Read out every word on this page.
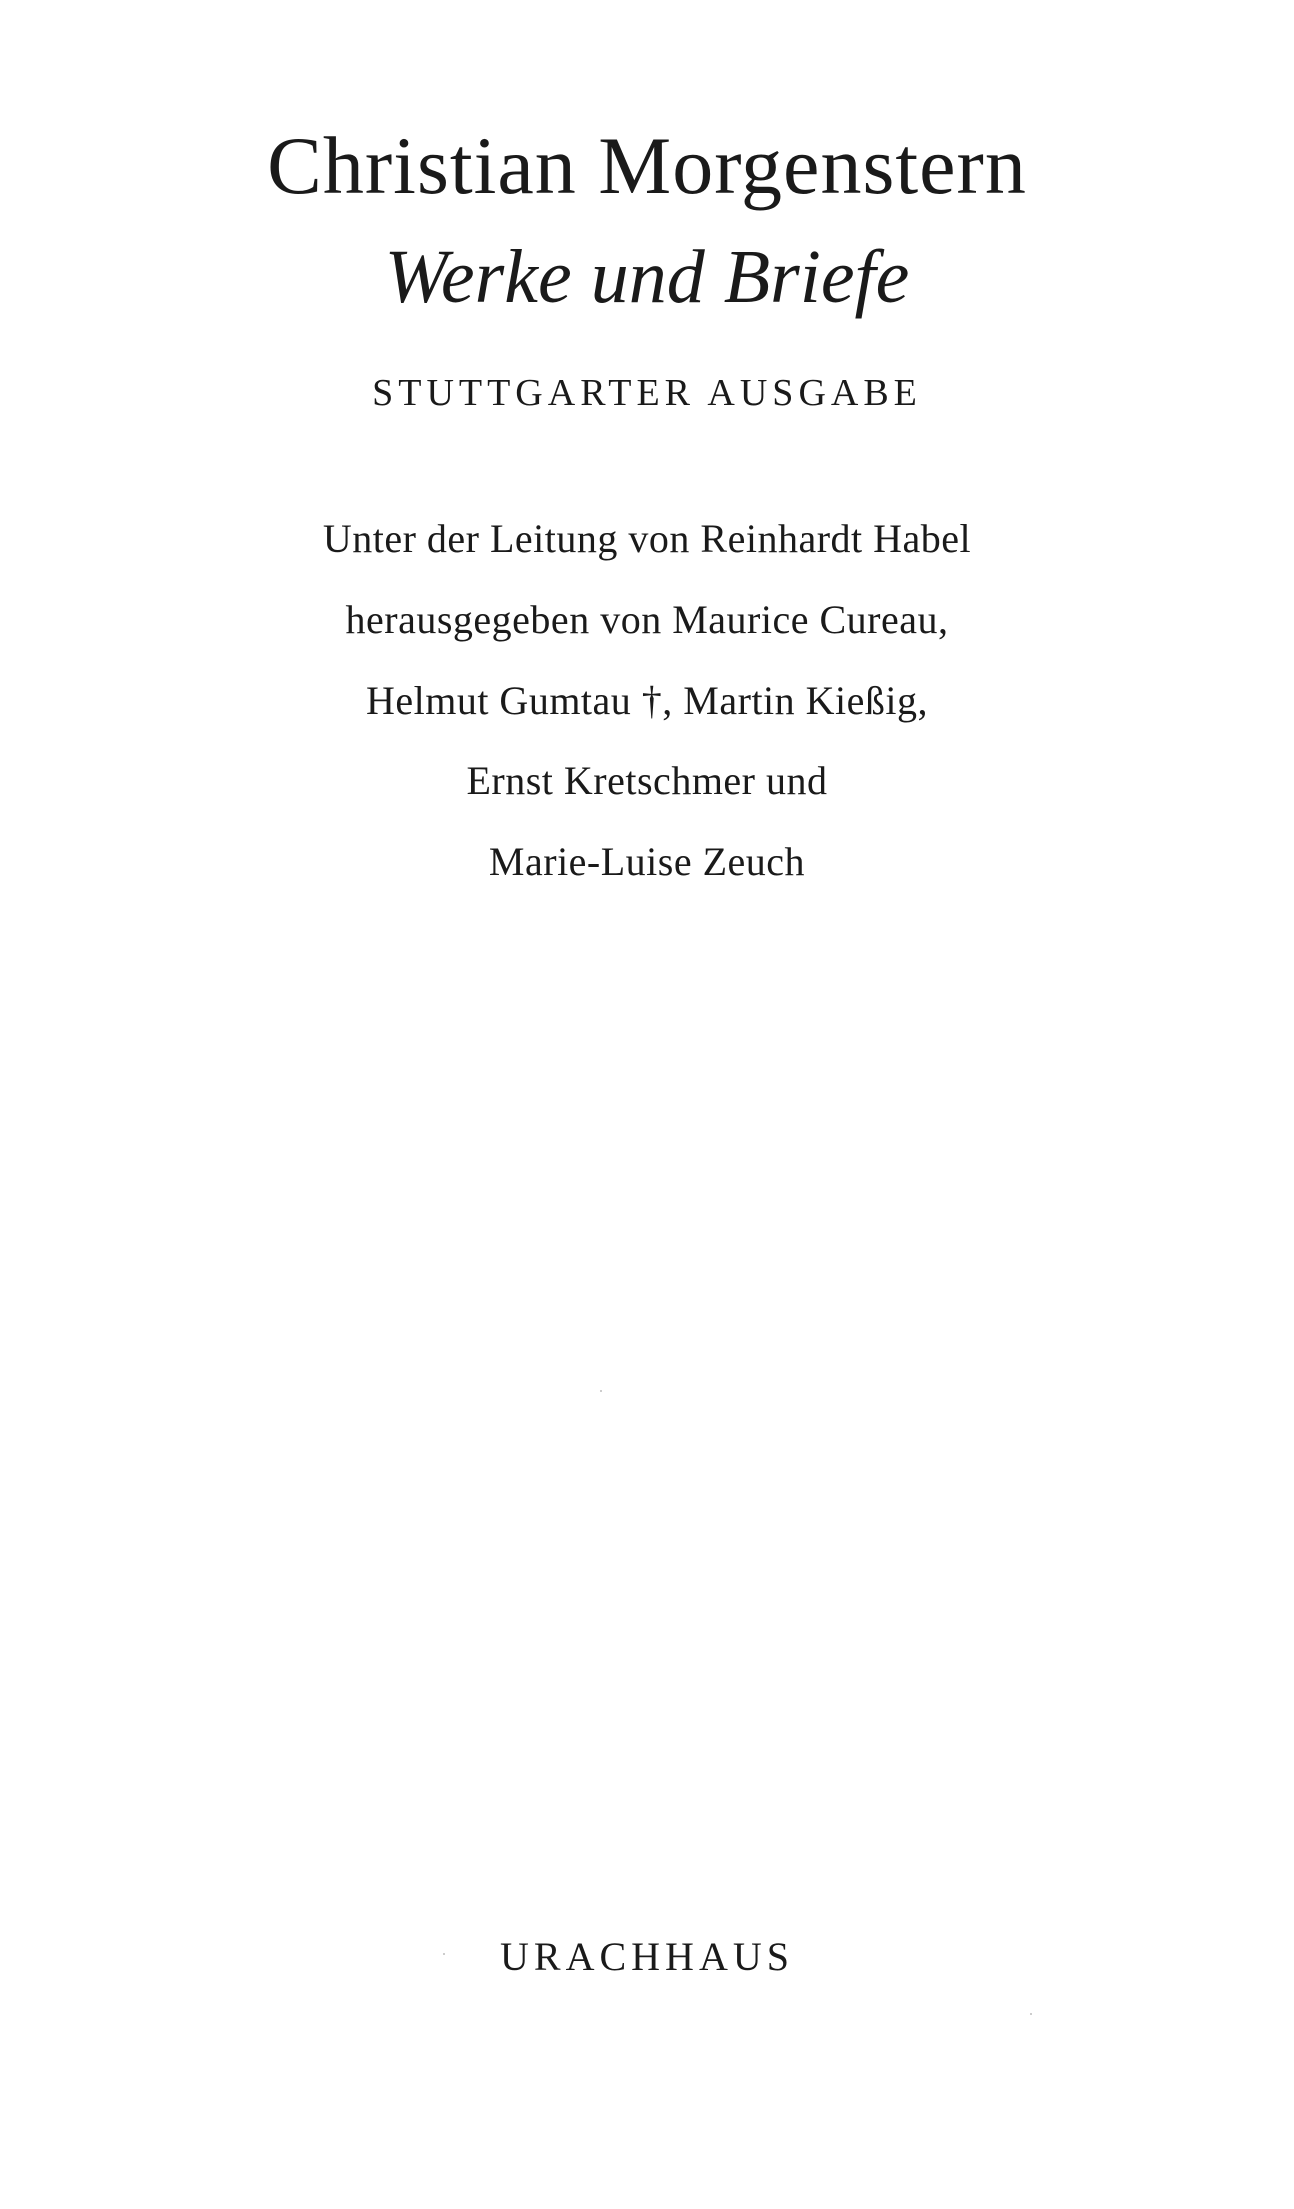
Christian Morgenstern
Werke und Briefe
STUTTGARTER AUSGABE
Unter der Leitung von Reinhardt Habel
herausgegeben von Maurice Cureau,
Helmut Gumtau †, Martin Kießig,
Ernst Kretschmer und
Marie-Luise Zeuch
URACHHAUS
